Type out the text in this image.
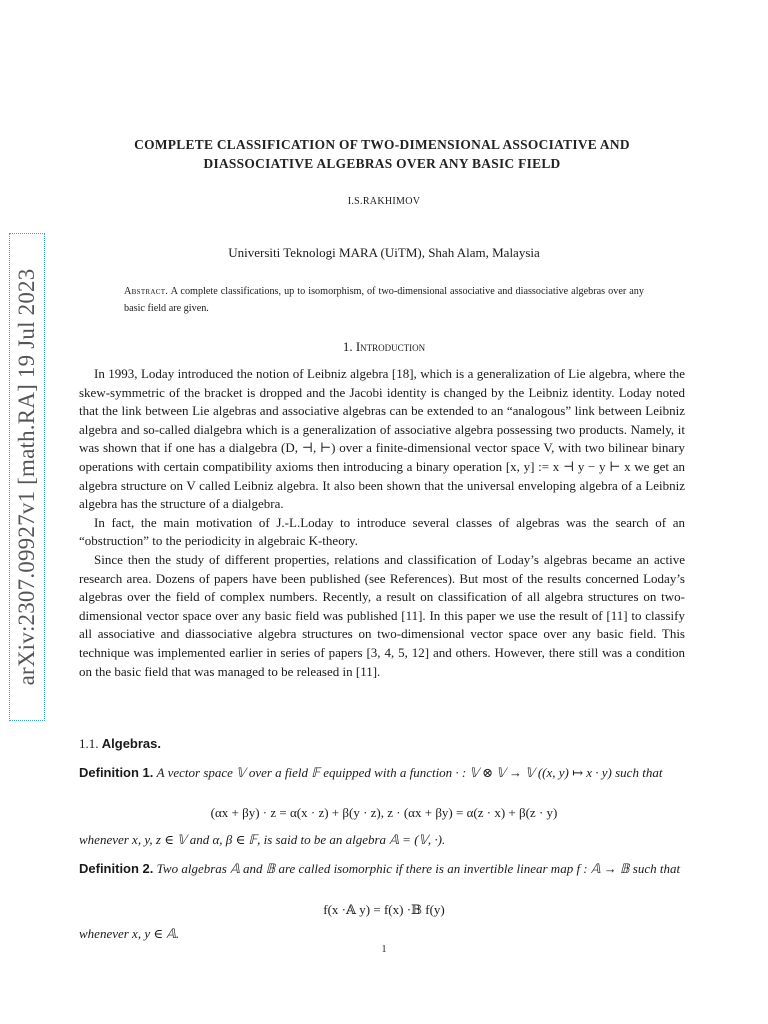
arXiv:2307.09927v1 [math.RA] 19 Jul 2023
COMPLETE CLASSIFICATION OF TWO-DIMENSIONAL ASSOCIATIVE AND
DIASSOCIATIVE ALGEBRAS OVER ANY BASIC FIELD
I.S.RAKHIMOV
Universiti Teknologi MARA (UiTM), Shah Alam, Malaysia
Abstract. A complete classifications, up to isomorphism, of two-dimensional associative and diassociative algebras over any basic field are given.
1. Introduction

In 1993, Loday introduced the notion of Leibniz algebra [18], which is a generalization of Lie algebra, where the skew-symmetric of the bracket is dropped and the Jacobi identity is changed by the Leibniz identity. Loday noted that the link between Lie algebras and associative algebras can be extended to an “analogous” link between Leibniz algebra and so-called dialgebra which is a generalization of associative algebra possessing two products. Namely, it was shown that if one has a dialgebra (D, ⊣, ⊢) over a finite-dimensional vector space V, with two bilinear binary operations with certain compatibility axioms then introducing a binary operation [x, y] := x ⊣ y − y ⊢ x we get an algebra structure on V called Leibniz algebra. It also been shown that the universal enveloping algebra of a Leibniz algebra has the structure of a dialgebra.

In fact, the main motivation of J.-L.Loday to introduce several classes of algebras was the search of an “obstruction” to the periodicity in algebraic K-theory.

Since then the study of different properties, relations and classification of Loday’s algebras became an active research area. Dozens of papers have been published (see References). But most of the results concerned Loday’s algebras over the field of complex numbers. Recently, a result on classification of all algebra structures on two-dimensional vector space over any basic field was published [11]. In this paper we use the result of [11] to classify all associative and diassociative algebra structures on two-dimensional vector space over any basic field. This technique was implemented earlier in series of papers [3, 4, 5, 12] and others. However, there still was a condition on the basic field that was managed to be released in [11].

1.1. Algebras.
Definition 1. A vector space 𝕍 over a field 𝔽 equipped with a function · : 𝕍 ⊗ 𝕍 → 𝕍 ((x, y) ↦ x · y) such that
(αx + βy) · z = α(x · z) + β(y · z), z · (αx + βy) = α(z · x) + β(z · y)
whenever x, y, z ∈ 𝕍 and α, β ∈ 𝔽, is said to be an algebra 𝔸 = (𝕍, ·).
Definition 2. Two algebras 𝔸 and 𝔹 are called isomorphic if there is an invertible linear map f : 𝔸 → 𝔹 such that
f(x ·𝔸 y) = f(x) ·𝔹 f(y)
whenever x, y ∈ 𝔸.
1
